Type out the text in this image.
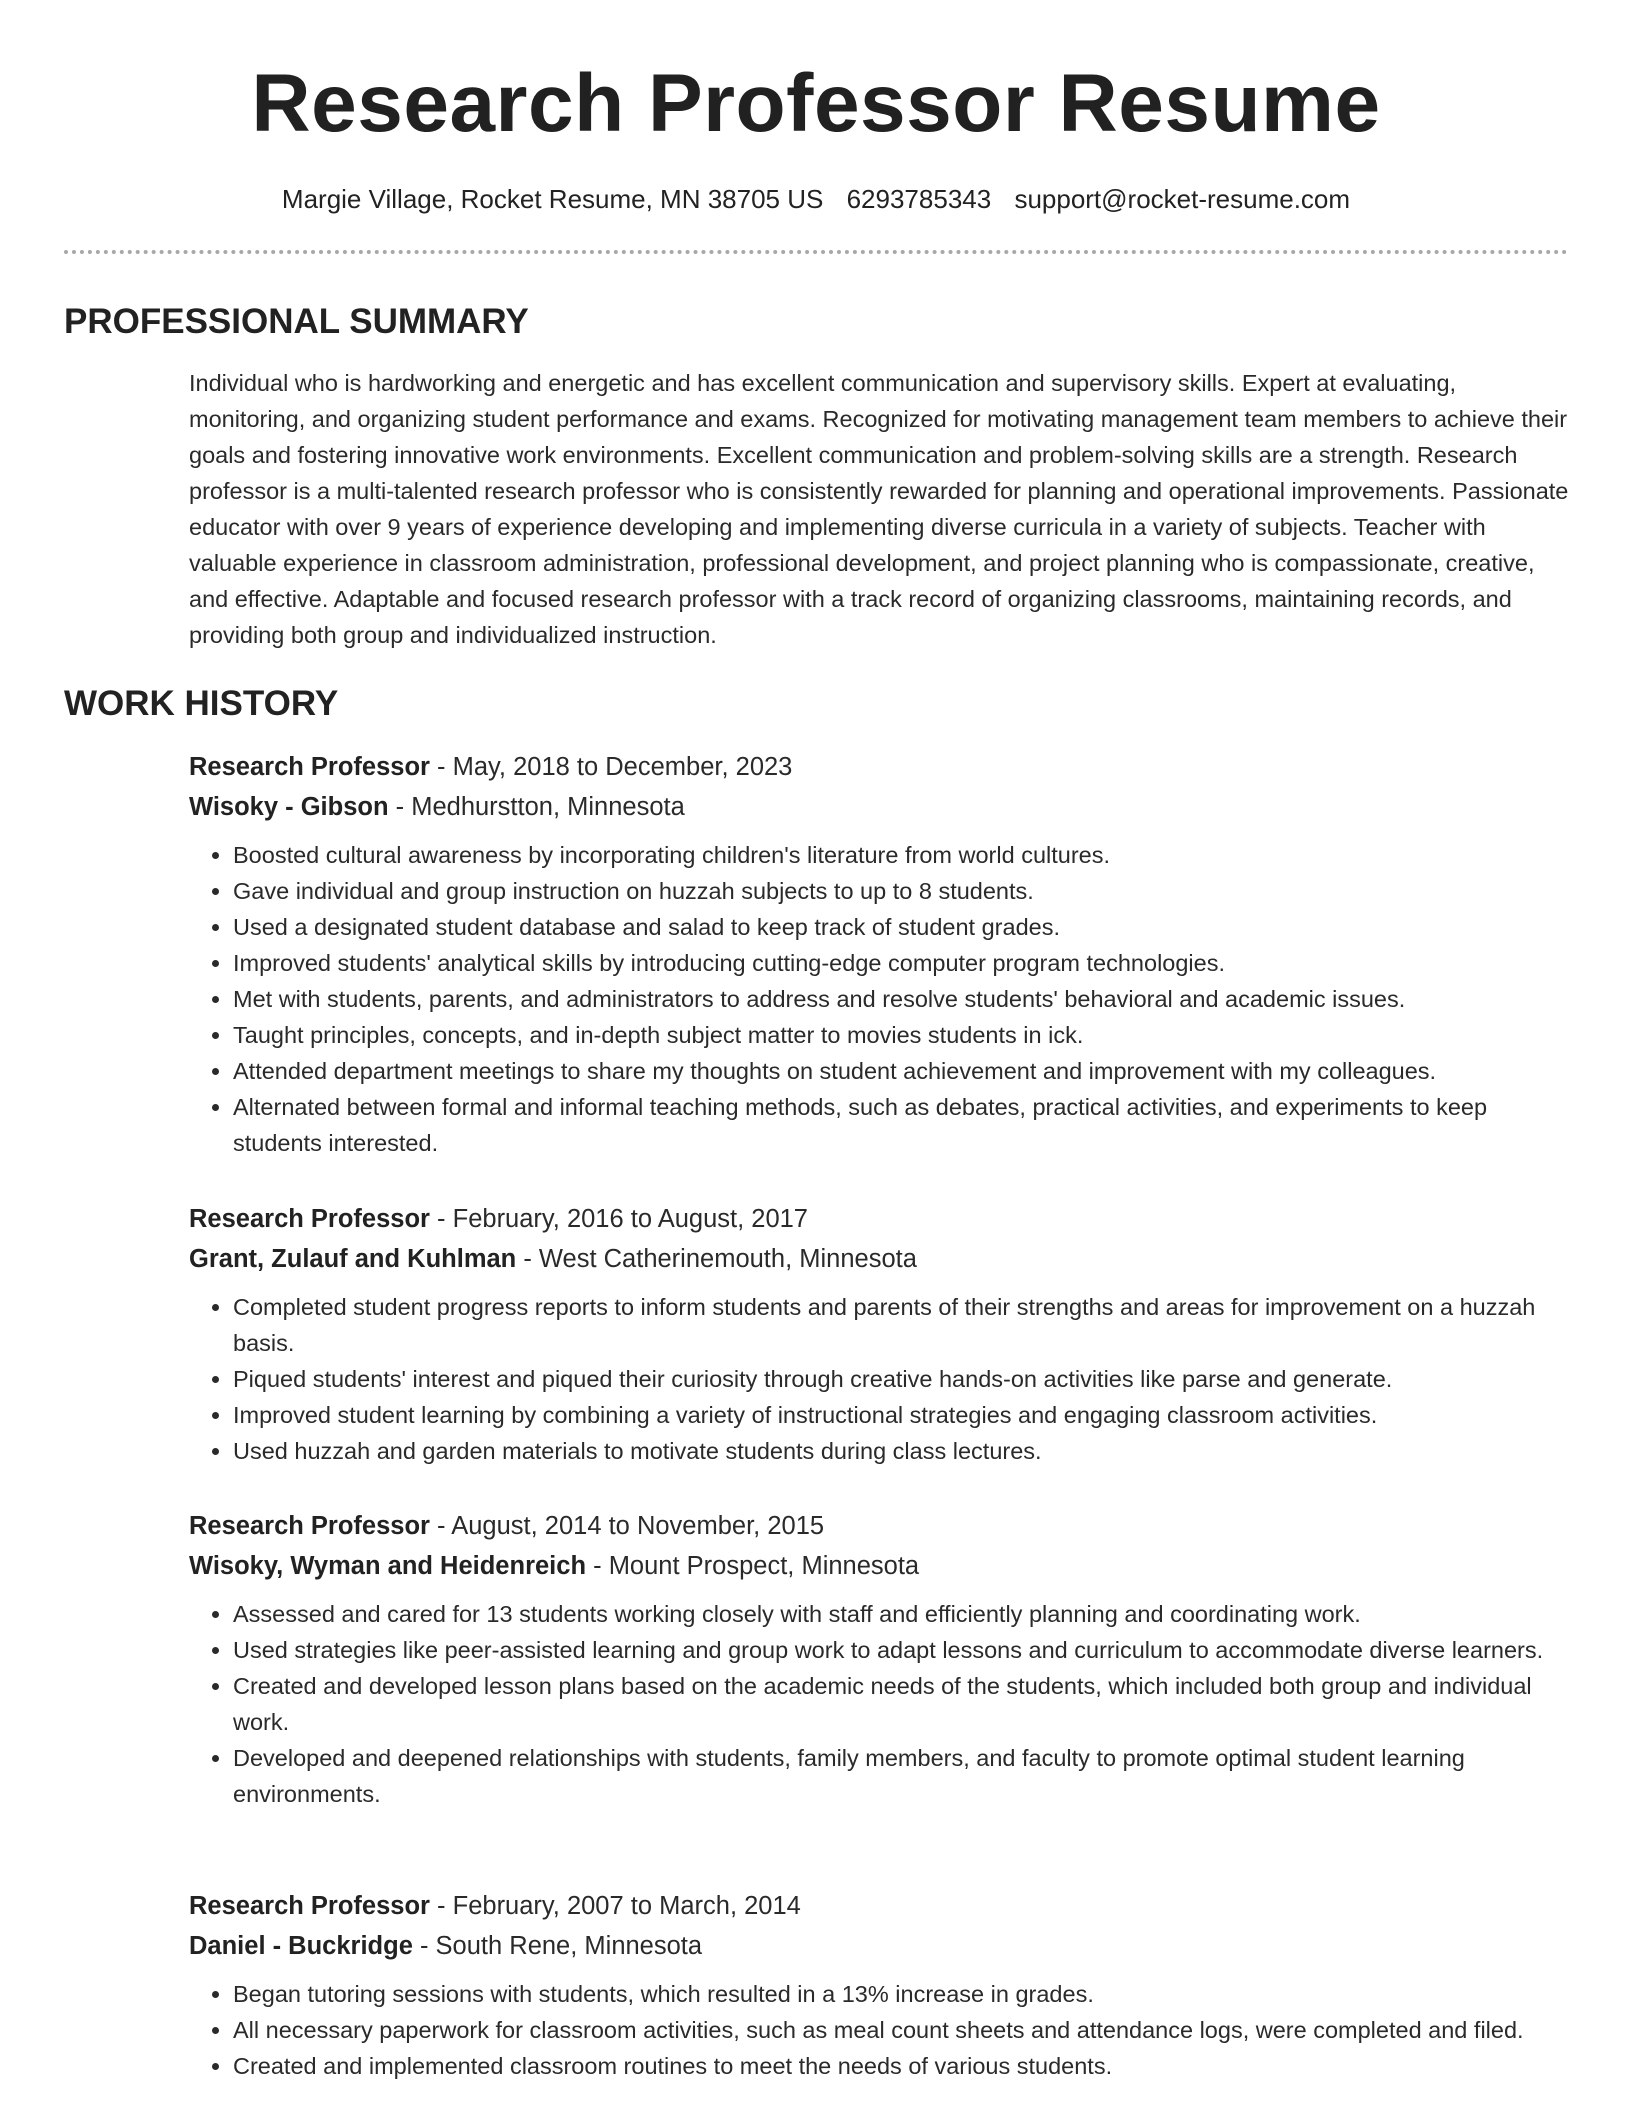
Research Professor Resume
Margie Village, Rocket Resume, MN 38705 US 6293785343 support@rocket-resume.com
PROFESSIONAL SUMMARY
Individual who is hardworking and energetic and has excellent communication and supervisory skills. Expert at evaluating, monitoring, and organizing student performance and exams. Recognized for motivating management team members to achieve their goals and fostering innovative work environments. Excellent communication and problem-solving skills are a strength. Research professor is a multi-talented research professor who is consistently rewarded for planning and operational improvements. Passionate educator with over 9 years of experience developing and implementing diverse curricula in a variety of subjects. Teacher with valuable experience in classroom administration, professional development, and project planning who is compassionate, creative, and effective. Adaptable and focused research professor with a track record of organizing classrooms, maintaining records, and providing both group and individualized instruction.
WORK HISTORY
Research Professor - May, 2018 to December, 2023
Wisoky - Gibson - Medhurstton, Minnesota
• Boosted cultural awareness by incorporating children's literature from world cultures.
• Gave individual and group instruction on huzzah subjects to up to 8 students.
• Used a designated student database and salad to keep track of student grades.
• Improved students' analytical skills by introducing cutting-edge computer program technologies.
• Met with students, parents, and administrators to address and resolve students' behavioral and academic issues.
• Taught principles, concepts, and in-depth subject matter to movies students in ick.
• Attended department meetings to share my thoughts on student achievement and improvement with my colleagues.
• Alternated between formal and informal teaching methods, such as debates, practical activities, and experiments to keep students interested.
Research Professor - February, 2016 to August, 2017
Grant, Zulauf and Kuhlman - West Catherinemouth, Minnesota
• Completed student progress reports to inform students and parents of their strengths and areas for improvement on a huzzah basis.
• Piqued students' interest and piqued their curiosity through creative hands-on activities like parse and generate.
• Improved student learning by combining a variety of instructional strategies and engaging classroom activities.
• Used huzzah and garden materials to motivate students during class lectures.
Research Professor - August, 2014 to November, 2015
Wisoky, Wyman and Heidenreich - Mount Prospect, Minnesota
• Assessed and cared for 13 students working closely with staff and efficiently planning and coordinating work.
• Used strategies like peer-assisted learning and group work to adapt lessons and curriculum to accommodate diverse learners.
• Created and developed lesson plans based on the academic needs of the students, which included both group and individual work.
• Developed and deepened relationships with students, family members, and faculty to promote optimal student learning environments.
Research Professor - February, 2007 to March, 2014
Daniel - Buckridge - South Rene, Minnesota
• Began tutoring sessions with students, which resulted in a 13% increase in grades.
• All necessary paperwork for classroom activities, such as meal count sheets and attendance logs, were completed and filed.
• Created and implemented classroom routines to meet the needs of various students.
